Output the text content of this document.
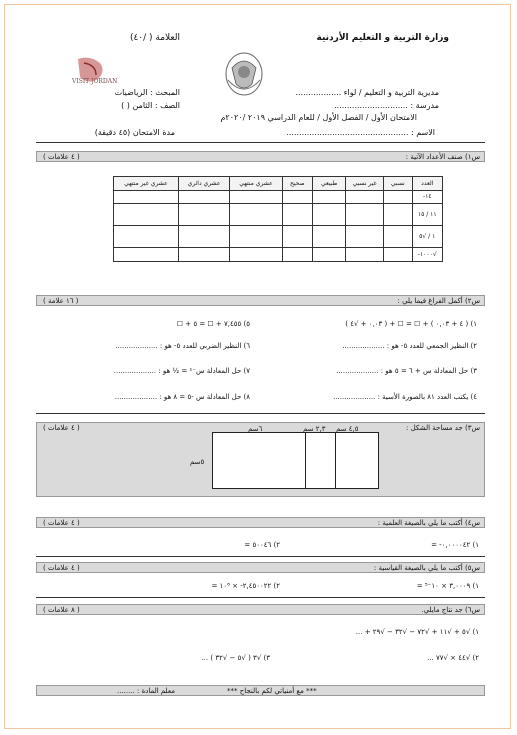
وزارة التربية و التعليم الأردنية
العلامة ( /٤٠)
VISIT JORDAN
مديرية التربية و التعليم / لواء ..................
المبحث : الرياضيات
مدرسة : .............................
الصف : الثامن ( )
الامتحان الأول / الفصل الأول / للعام الدراسي ٢٠١٩ /٢٠٢٠م
الاسم : ................................................
مدة الامتحان (٤٥ دقيقة)
س١) صنف الأعداد الآتية :
( ٤ علامات )
العدد	نسبي	غير نسبي	طبيعي	صحيح	عشري منتهي	عشري دائري	عشري غير منتهي
١٤-							
١١ / ١٥							
١ / √٥							
√١٠٠٠-							
س٢) أكمل الفراغ فيما يلي :
( ١٦ علامة )
١) ( ٤ + ٠,٠٣ ) + ☐ = ☐ + ( ٠,٠٣ + √٤ )
٥) ٧,٤٥٥ + ☐ = ٥ + ☐
٢) النظير الجمعي للعدد ٥- هو : ...................
٦) النظير الضربي للعدد ٥- هو : ...................
٣) حل المعادلة س + ٦ = ٥ هو : ...................
٧) حل المعادلة س⁻¹ = ½ هو : ...................
٤) يكتب العدد ٨١ بالصورة الأسية : ...................
٨) حل المعادلة س -٥ = ٨ هو : ...................
س٣) جد مساحة الشكل :
( ٤ علامات )	٤,٥ سم
٢,٣ سم
٦سم
٥سم
س٤) أكتب ما يلي بالصيغة العلمية :
( ٤ علامات )
١) ٠,٠٠٠٠٤٢- =
٢) ٥٠٠٤٦ =
س٥) أكتب ما يلي بالصيغة القياسية :
( ٤ علامات )
١) ٣,٠٠٠٩ × ١٠⁻⁵ =
٢) ٢,٤٥٠٠٢٢- × ١٠⁶ =
س٦) جد نتاج مايلي.
( ٨ علامات )
١) √٥ + √١١ + √٧٢ − √٣٢ − √٢٩ + ...
٢) √٤٤ × √٧٧ ...
٣) √٣ ( √٥ − √٣٢ ) ...
*** مع أمنياتي لكم بالنجاح ***
معلم المادة : ........
